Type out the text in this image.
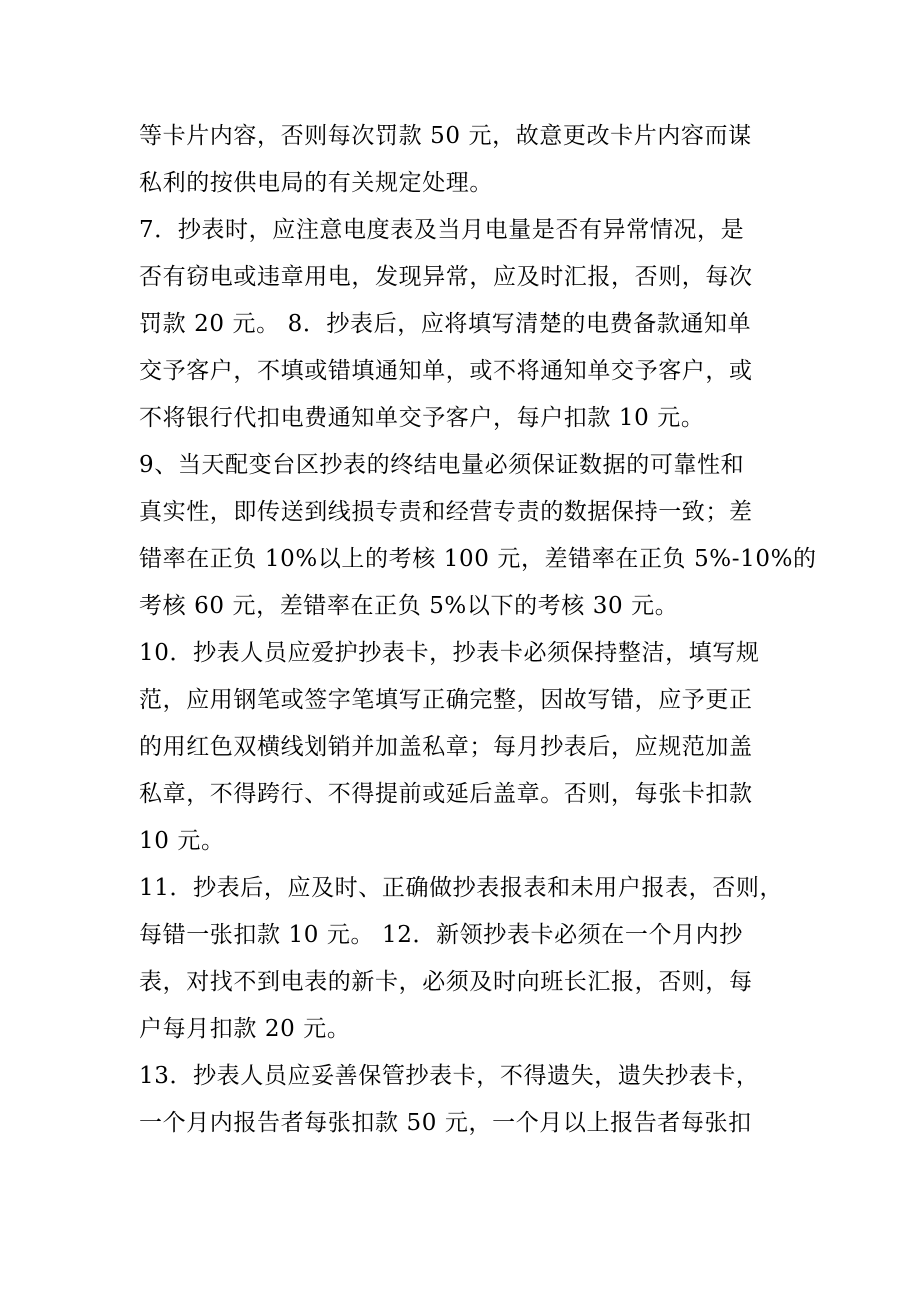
等卡片内容，否则每次罚款 50 元，故意更改卡片内容而谋
私利的按供电局的有关规定处理。
7．抄表时，应注意电度表及当月电量是否有异常情况，是
否有窃电或违章用电，发现异常，应及时汇报，否则，每次
罚款 20 元。 8．抄表后，应将填写清楚的电费备款通知单
交予客户，不填或错填通知单，或不将通知单交予客户，或
不将银行代扣电费通知单交予客户，每户扣款 10 元。
9、当天配变台区抄表的终结电量必须保证数据的可靠性和
真实性，即传送到线损专责和经营专责的数据保持一致；差
错率在正负 10%以上的考核 100 元，差错率在正负 5%-10%的
考核 60 元，差错率在正负 5%以下的考核 30 元。
10．抄表人员应爱护抄表卡，抄表卡必须保持整洁，填写规
范，应用钢笔或签字笔填写正确完整，因故写错，应予更正
的用红色双横线划销并加盖私章；每月抄表后，应规范加盖
私章，不得跨行、不得提前或延后盖章。否则，每张卡扣款
10 元。
11．抄表后，应及时、正确做抄表报表和未用户报表，否则，
每错一张扣款 10 元。 12．新领抄表卡必须在一个月内抄
表，对找不到电表的新卡，必须及时向班长汇报，否则，每
户每月扣款 20 元。
13．抄表人员应妥善保管抄表卡，不得遗失，遗失抄表卡，
一个月内报告者每张扣款 50 元，一个月以上报告者每张扣
